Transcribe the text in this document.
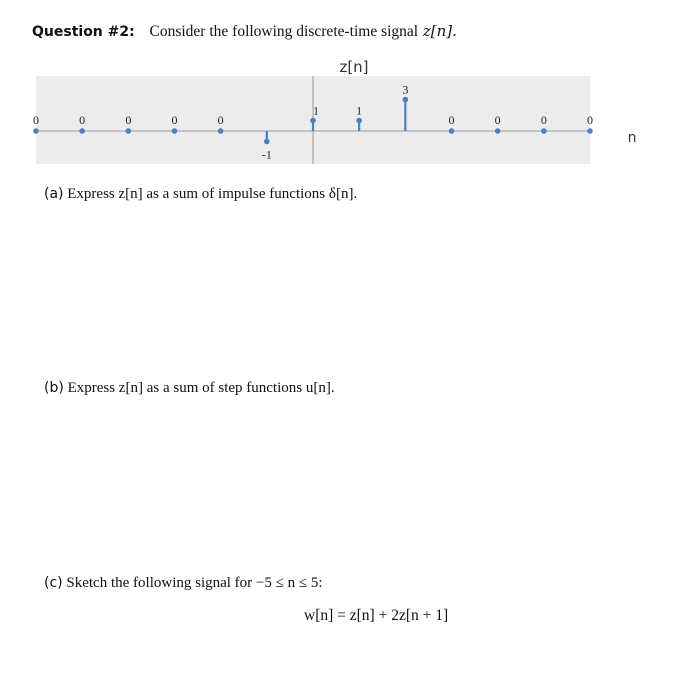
Question #2: Consider the following discrete-time signal z[n].
z[n]
n
0	0	0	0	0
-1
1	1
3
0	0	0	0
(a) Express z[n] as a sum of impulse functions δ[n].
(b) Express z[n] as a sum of step functions u[n].
(c) Sketch the following signal for −5 ≤ n ≤ 5:
w[n] = z[n] + 2z[n + 1]
